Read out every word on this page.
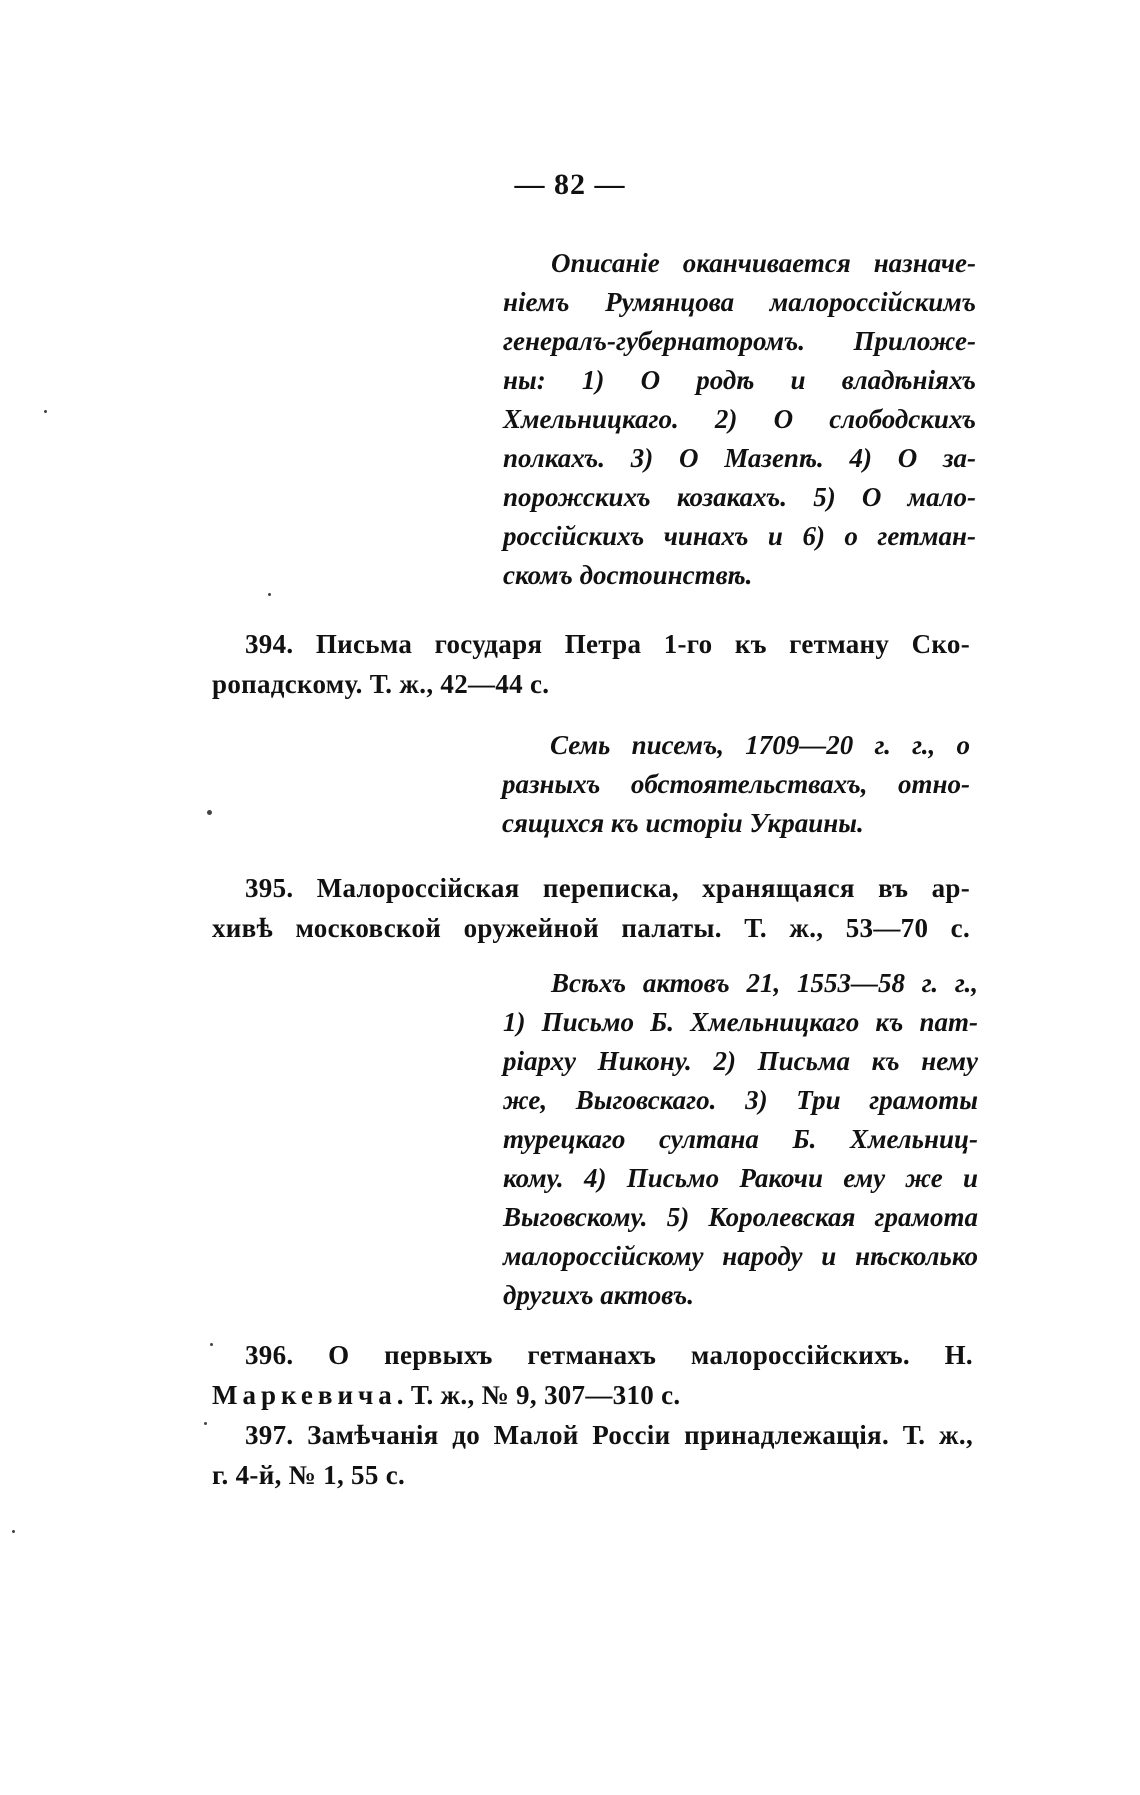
— 82 —
Описаніе оканчивается назначе-
ніемъ Румянцова малороссійскимъ
генералъ-губернаторомъ. Приложе-
ны: 1) О родѣ и владѣніяхъ
Хмельницкаго. 2) О слободскихъ
полкахъ. 3) О Мазепѣ. 4) О за-
порожскихъ козакахъ. 5) О мало-
россійскихъ чинахъ и 6) о гетман-
скомъ достоинствѣ.
394. Письма государя Петра 1-го къ гетману Ско-
ропадскому. Т. ж., 42—44 с.
Семь писемъ, 1709—20 г. г., о
разныхъ обстоятельствахъ, отно-
сящихся къ исторіи Украины.
395. Малороссійская переписка, хранящаяся въ ар-
хивѣ московской оружейной палаты. Т. ж., 53—70 с.
Всѣхъ актовъ 21, 1553—58 г. г.,
1) Письмо Б. Хмельницкаго къ пат-
ріарху Никону. 2) Письма къ нему
же, Выговскаго. 3) Три грамоты
турецкаго султана Б. Хмельниц-
кому. 4) Письмо Ракочи ему же и
Выговскому. 5) Королевская грамота
малороссійскому народу и нѣсколько
другихъ актовъ.
396. О первыхъ гетманахъ малороссійскихъ. Н.
Маркевича. Т. ж., № 9, 307—310 с.
397. Замѣчанія до Малой Россіи принадлежащія. Т. ж.,
г. 4-й, № 1, 55 с.
